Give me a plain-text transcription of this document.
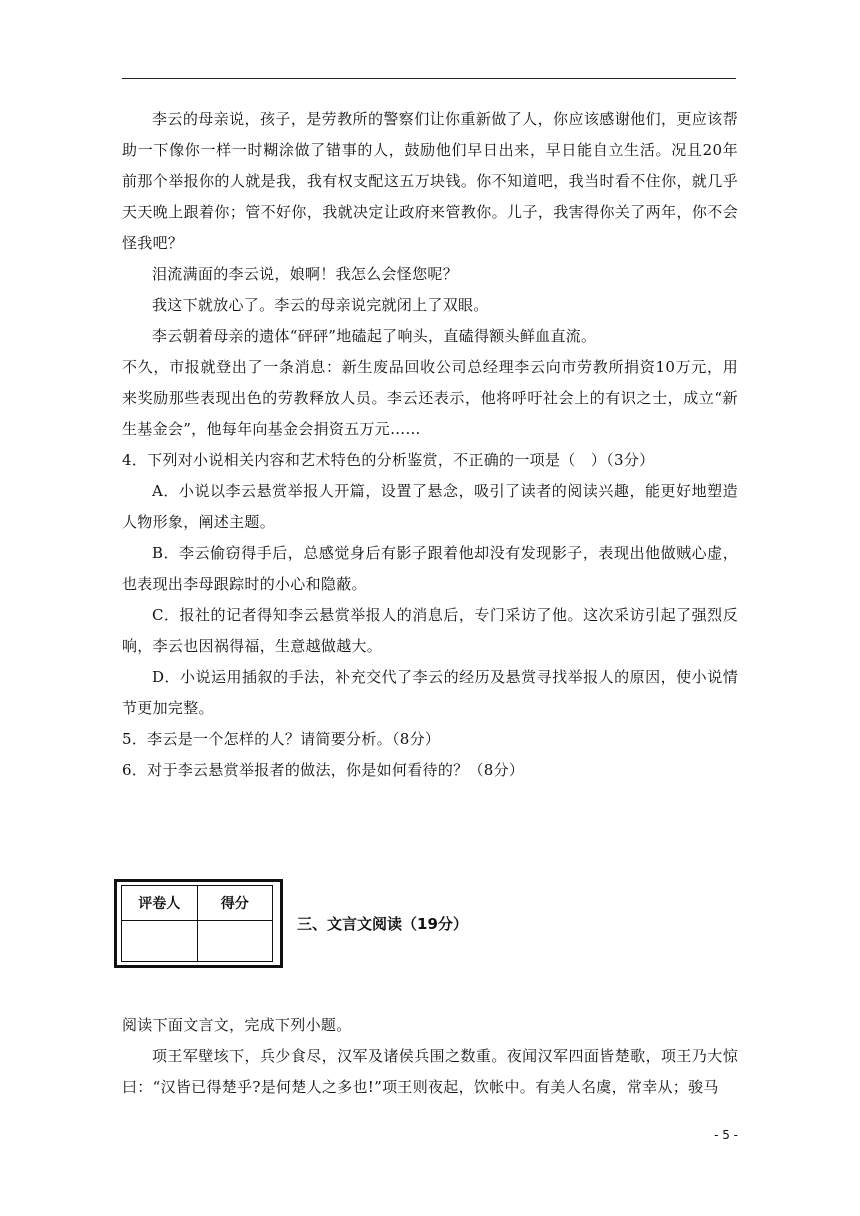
李云的母亲说，孩子，是劳教所的警察们让你重新做了人，你应该感谢他们，更应该帮助一下像你一样一时糊涂做了错事的人，鼓励他们早日出来，早日能自立生活。况且20年前那个举报你的人就是我，我有权支配这五万块钱。你不知道吧，我当时看不住你，就几乎天天晚上跟着你；管不好你，我就决定让政府来管教你。儿子，我害得你关了两年，你不会怪我吧？

泪流满面的李云说，娘啊！我怎么会怪您呢？

我这下就放心了。李云的母亲说完就闭上了双眼。

李云朝着母亲的遗体“砰砰”地磕起了响头，直磕得额头鲜血直流。

不久，市报就登出了一条消息：新生废品回收公司总经理李云向市劳教所捐资10万元，用来奖励那些表现出色的劳教释放人员。李云还表示，他将呼吁社会上的有识之士，成立“新生基金会”，他每年向基金会捐资五万元……

4．下列对小说相关内容和艺术特色的分析鉴赏，不正确的一项是（　）（3分）

A．小说以李云悬赏举报人开篇，设置了悬念，吸引了读者的阅读兴趣，能更好地塑造人物形象，阐述主题。

B．李云偷窃得手后，总感觉身后有影子跟着他却没有发现影子，表现出他做贼心虚，也表现出李母跟踪时的小心和隐蔽。

C．报社的记者得知李云悬赏举报人的消息后，专门采访了他。这次采访引起了强烈反响，李云也因祸得福，生意越做越大。

D．小说运用插叙的手法，补充交代了李云的经历及悬赏寻找举报人的原因，使小说情节更加完整。

5．李云是一个怎样的人？请简要分析。（8分）

6．对于李云悬赏举报者的做法，你是如何看待的？（8分）

评卷人	得分

三、文言文阅读（19分）

阅读下面文言文，完成下列小题。

项王军壁垓下，兵少食尽，汉军及诸侯兵围之数重。夜闻汉军四面皆楚歌，项王乃大惊曰：“汉皆已得楚乎?是何楚人之多也!”项王则夜起，饮帐中。有美人名虞，常幸从；骏马

- 5 -
